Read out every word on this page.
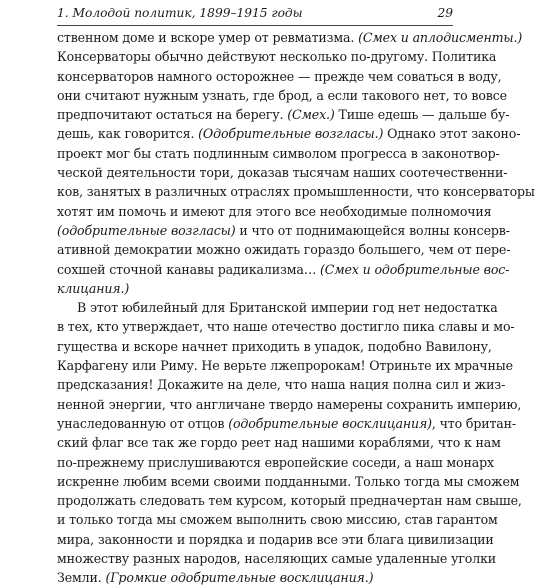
1. Молодой политик, 1899–1915 годы	29
ственном доме и вскоре умер от ревматизма. (Смех и аплодисменты.)
Консерваторы обычно действуют несколько по-другому. Политика
консерваторов намного осторожнее — прежде чем соваться в воду,
они считают нужным узнать, где брод, а если такового нет, то вовсе
предпочитают остаться на берегу. (Смех.) Тише едешь — дальше бу-
дешь, как говорится. (Одобрительные возгласы.) Однако этот законо-
проект мог бы стать подлинным символом прогресса в законотвор-
ческой деятельности тори, доказав тысячам наших соотечественни-
ков, занятых в различных отраслях промышленности, что консерваторы
хотят им помочь и имеют для этого все необходимые полномочия
(одобрительные возгласы) и что от поднимающейся волны консерв-
ативной демократии можно ожидать гораздо большего, чем от пере-
сохшей сточной канавы радикализма… (Смех и одобрительные вос-
клицания.)
В этот юбилейный для Британской империи год нет недостатка
в тех, кто утверждает, что наше отечество достигло пика славы и мо-
гущества и вскоре начнет приходить в упадок, подобно Вавилону,
Карфагену или Риму. Не верьте лжепророкам! Отриньте их мрачные
предсказания! Докажите на деле, что наша нация полна сил и жиз-
ненной энергии, что англичане твердо намерены сохранить империю,
унаследованную от отцов (одобрительные восклицания), что британ-
ский флаг все так же гордо реет над нашими кораблями, что к нам
по-прежнему прислушиваются европейские соседи, а наш монарх
искренне любим всеми своими подданными. Только тогда мы сможем
продолжать следовать тем курсом, который предначертан нам свыше,
и только тогда мы сможем выполнить свою миссию, став гарантом
мира, законности и порядка и подарив все эти блага цивилизации
множеству разных народов, населяющих самые удаленные уголки
Земли. (Громкие одобрительные восклицания.)
